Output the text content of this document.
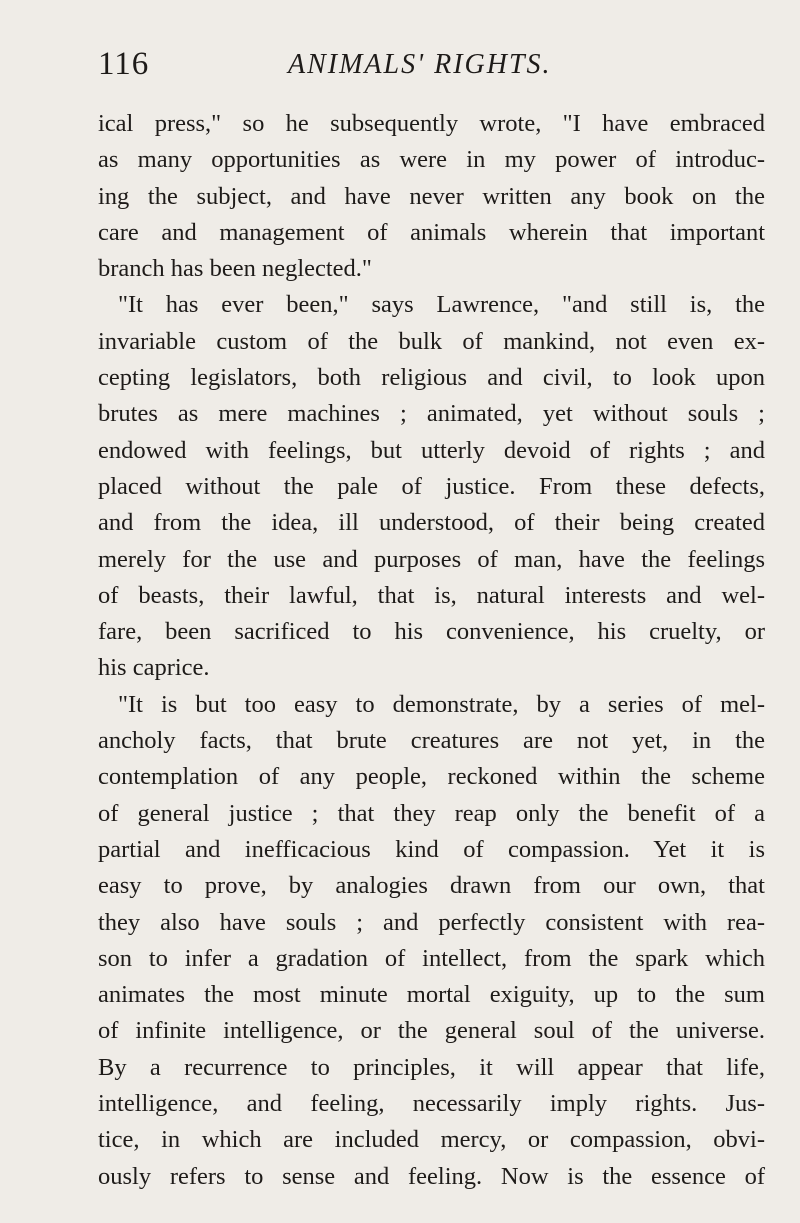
116	ANIMALS' RIGHTS.
ical press," so he subsequently wrote, "I have embraced
as many opportunities as were in my power of introduc-
ing the subject, and have never written any book on the
care and management of animals wherein that important
branch has been neglected."
"It has ever been," says Lawrence, "and still is, the
invariable custom of the bulk of mankind, not even ex-
cepting legislators, both religious and civil, to look upon
brutes as mere machines ; animated, yet without souls ;
endowed with feelings, but utterly devoid of rights ; and
placed without the pale of justice. From these defects,
and from the idea, ill understood, of their being created
merely for the use and purposes of man, have the feelings
of beasts, their lawful, that is, natural interests and wel-
fare, been sacrificed to his convenience, his cruelty, or
his caprice.
"It is but too easy to demonstrate, by a series of mel-
ancholy facts, that brute creatures are not yet, in the
contemplation of any people, reckoned within the scheme
of general justice ; that they reap only the benefit of a
partial and inefficacious kind of compassion. Yet it is
easy to prove, by analogies drawn from our own, that
they also have souls ; and perfectly consistent with rea-
son to infer a gradation of intellect, from the spark which
animates the most minute mortal exiguity, up to the sum
of infinite intelligence, or the general soul of the universe.
By a recurrence to principles, it will appear that life,
intelligence, and feeling, necessarily imply rights. Jus-
tice, in which are included mercy, or compassion, obvi-
ously refers to sense and feeling. Now is the essence of
